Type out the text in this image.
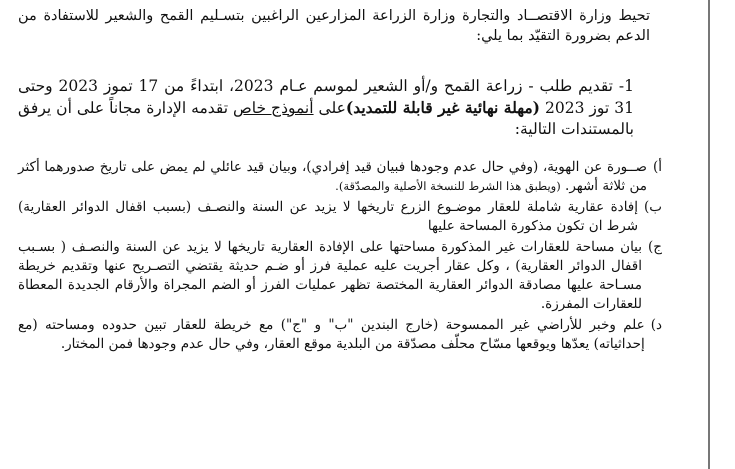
تحيط وزارة الاقتصــاد والتجارة وزارة الزراعة المزارعين الراغبين بتسـليم القمح والشعير للاستفادة من الدعم بضرورة التقيّد بما يلي:

1- تقديم طلب - زراعة القمح و/أو الشعير لموسم عـام 2023، ابتداءً من 17 تموز 2023 وحتى 31 توز 2023 (مهلة نهائية غير قابلة للتمديد)على أنموذج خاص تقدمه الإدارة مجاناً على أن يرفق بالمستندات التالية:

أ)
صــورة عن الهوية، (وفي حال عدم وجودها فبيان قيد إفرادي)، وبيان قيد عائلي لم يمض على تاريخ صدورهما أكثر من ثلاثة أشهر. (ويطبق هذا الشرط للنسخة الأصلية والمصدّقة).
ب)
إفادة عقارية شاملة للعقار موضـوع الزرع تاريخها لا يزيد عن السنة والنصـف (بسبب اقفال الدوائر العقارية) شرط ان تكون مذكورة المساحة عليها
ج)
بيان مساحة للعقارات غير المذكورة مساحتها على الإفادة العقارية تاريخها لا يزيد عن السنة والنصـف ( بسـبب اقفال الدوائر العقارية) ، وكل عقار أجريت عليه عملية فرز أو ضـم حديثة يقتضي التصـريح عنها وتقديم خريطة مسـاحة عليها مصادقة الدوائر العقارية المختصة تظهر عمليات الفرز أو الضم المجراة والأرقام الجديدة المعطاة للعقارات المفرزة.
د)
علم وخبر للأراضي غير الممسوحة (خارج البندين "ب" و "ج") مع خريطة للعقار تبين حدوده ومساحته (مع إحداثياته) يعدّها ويوقعها مسّاح محلّف مصدّقة من البلدية موقع العقار، وفي حال عدم وجودها فمن المختار.
